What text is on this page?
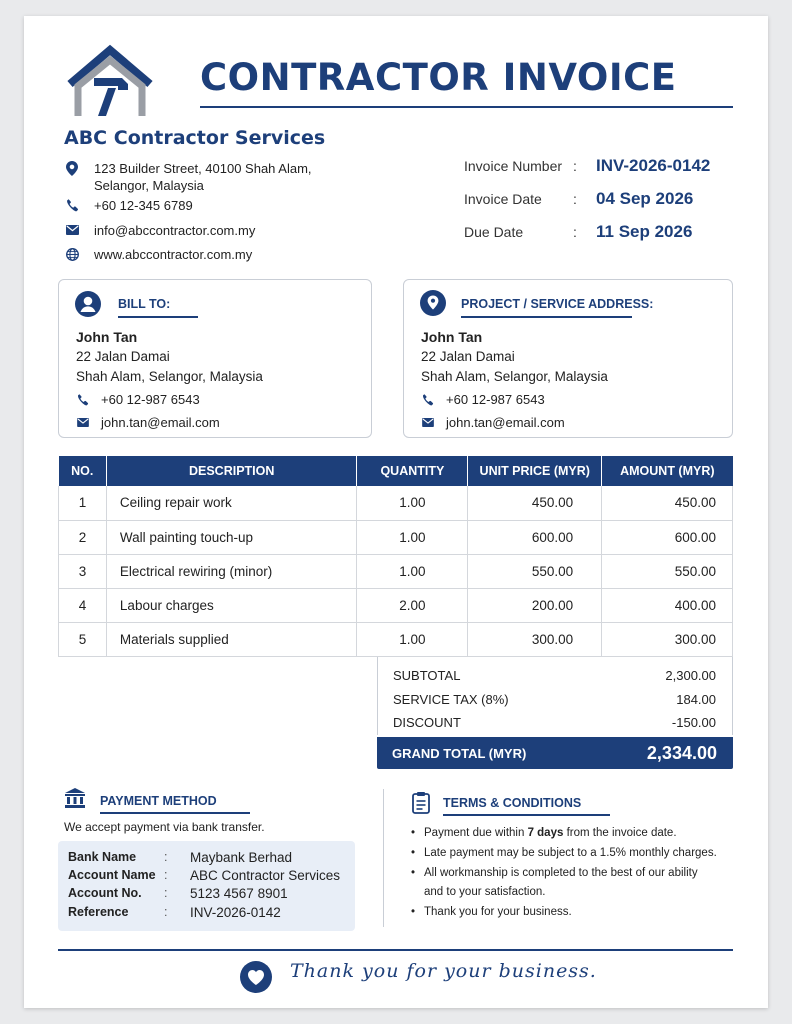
CONTRACTOR INVOICE
ABC Contractor Services
123 Builder Street, 40100 Shah Alam,
Selangor, Malaysia
+60 12-345 6789
info@abccontractor.com.my
www.abccontractor.com.my
Invoice Number : INV-2026-0142
Invoice Date : 04 Sep 2026
Due Date	: 11 Sep 2026
BILL TO:
John Tan
22 Jalan Damai
Shah Alam, Selangor, Malaysia
+60 12-987 6543
john.tan@email.com
PROJECT / SERVICE ADDRESS:
John Tan
22 Jalan Damai
Shah Alam, Selangor, Malaysia
+60 12-987 6543
john.tan@email.com
NO.	DESCRIPTION	QUANTITY	UNIT PRICE (MYR)	AMOUNT (MYR)
1	Ceiling repair work	1.00	450.00	450.00
2	Wall painting touch-up	1.00	600.00	600.00
3	Electrical rewiring (minor)	1.00	550.00	550.00
4	Labour charges	2.00	200.00	400.00
5	Materials supplied	1.00	300.00	300.00
SUBTOTAL	2,300.00
SERVICE TAX (8%)	184.00
DISCOUNT	-150.00
GRAND TOTAL (MYR)	2,334.00
PAYMENT METHOD
We accept payment via bank transfer.
Bank Name	:	Maybank Berhad
Account Name :	ABC Contractor Services
Account No.	:	5123 4567 8901
Reference	:	INV-2026-0142
TERMS & CONDITIONS
• Payment due within 7 days from the invoice date.
• Late payment may be subject to a 1.5% monthly charges.
• All workmanship is completed to the best of our ability
and to your satisfaction.
• Thank you for your business.
Thank you for your business.
